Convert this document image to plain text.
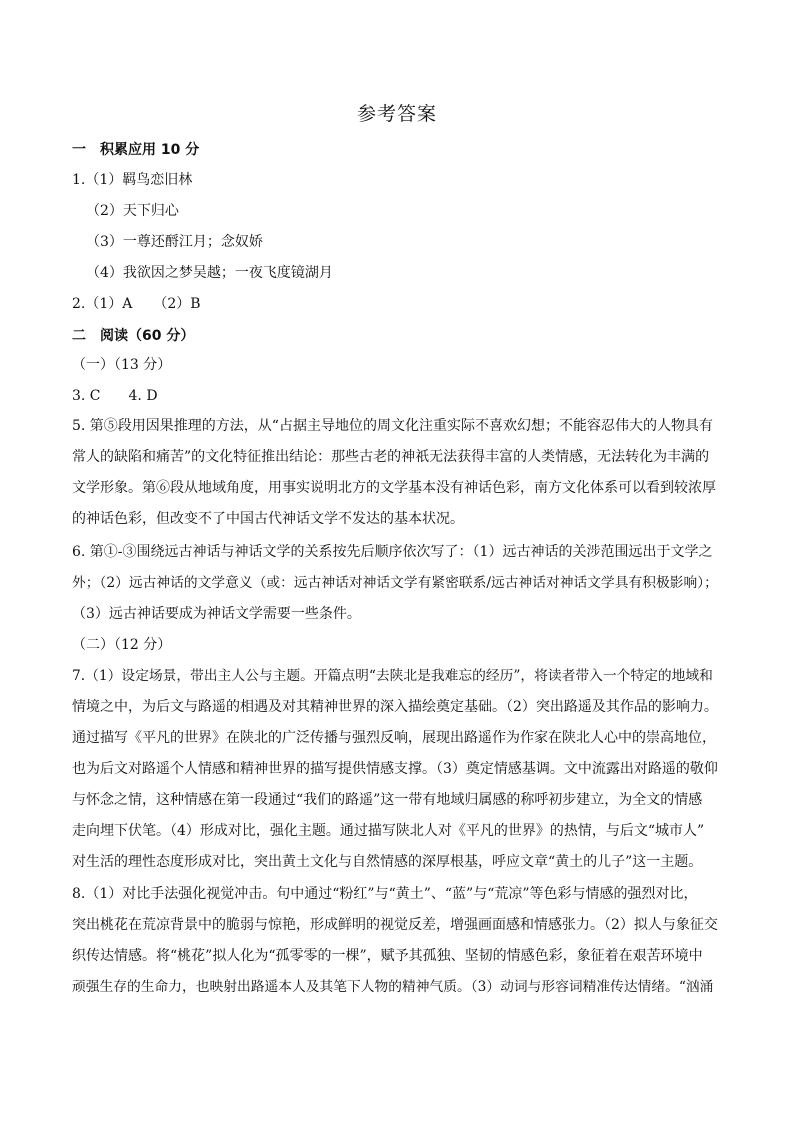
参考答案
一　积累应用 10 分
1.（1）羁鸟恋旧林
（2）天下归心
（3）一尊还酹江月；念奴娇
（4）我欲因之梦吴越；一夜飞度镜湖月
2.（1）A　　（2）B
二　阅读（60 分）
（一）（13 分）
3. C　　4. D
5. 第⑤段用因果推理的方法，从“占据主导地位的周文化注重实际不喜欢幻想；不能容忍伟大的人物具有
常人的缺陷和痛苦”的文化特征推出结论：那些古老的神祇无法获得丰富的人类情感，无法转化为丰满的
文学形象。第⑥段从地域角度，用事实说明北方的文学基本没有神话色彩，南方文化体系可以看到较浓厚
的神话色彩，但改变不了中国古代神话文学不发达的基本状况。
6. 第①-③围绕远古神话与神话文学的关系按先后顺序依次写了：（1）远古神话的关涉范围远出于文学之
外；（2）远古神话的文学意义（或：远古神话对神话文学有紧密联系/远古神话对神话文学具有积极影响）；
（3）远古神话要成为神话文学需要一些条件。
（二）（12 分）
7.（1）设定场景，带出主人公与主题。开篇点明“去陕北是我难忘的经历”，将读者带入一个特定的地域和
情境之中，为后文与路遥的相遇及对其精神世界的深入描绘奠定基础。（2）突出路遥及其作品的影响力。
通过描写《平凡的世界》在陕北的广泛传播与强烈反响，展现出路遥作为作家在陕北人心中的崇高地位，
也为后文对路遥个人情感和精神世界的描写提供情感支撑。（3）奠定情感基调。文中流露出对路遥的敬仰
与怀念之情，这种情感在第一段通过“我们的路遥”这一带有地域归属感的称呼初步建立，为全文的情感
走向埋下伏笔。（4）形成对比，强化主题。通过描写陕北人对《平凡的世界》的热情，与后文“城市人”
对生活的理性态度形成对比，突出黄土文化与自然情感的深厚根基，呼应文章“黄土的儿子”这一主题。
8.（1）对比手法强化视觉冲击。句中通过“粉红”与“黄土”、“蓝”与“荒凉”等色彩与情感的强烈对比，
突出桃花在荒凉背景中的脆弱与惊艳，形成鲜明的视觉反差，增强画面感和情感张力。（2）拟人与象征交
织传达情感。将“桃花”拟人化为“孤零零的一棵”，赋予其孤独、坚韧的情感色彩，象征着在艰苦环境中
顽强生存的生命力，也映射出路遥本人及其笔下人物的精神气质。（3）动词与形容词精准传达情绪。“汹涌
